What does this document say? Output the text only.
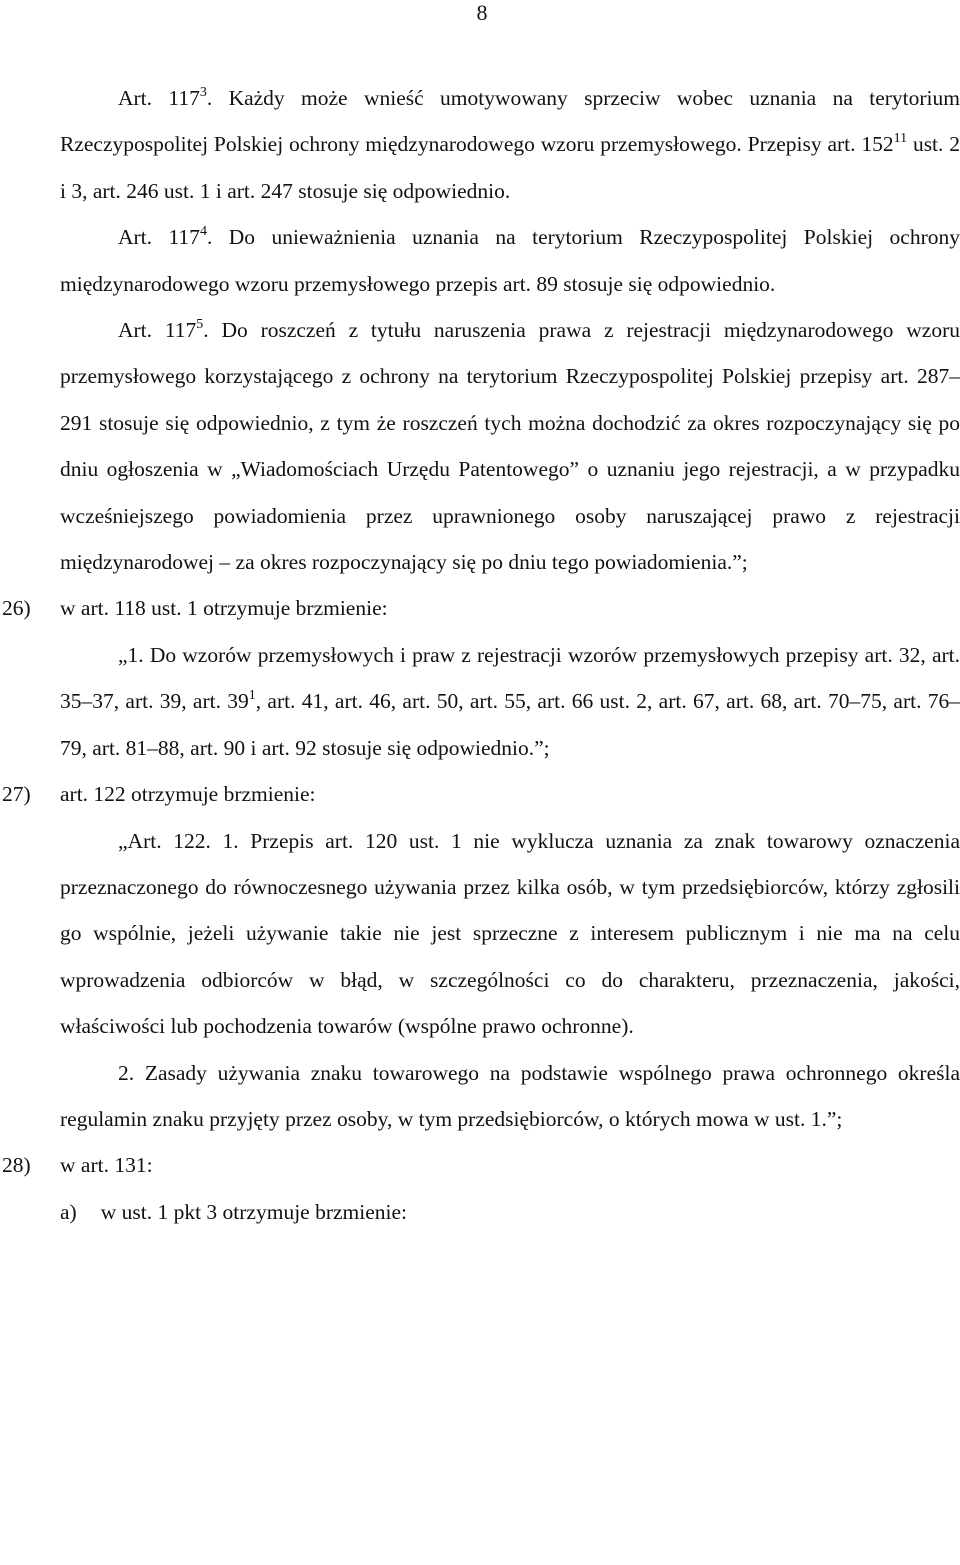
8

Art. $117^3$. Każdy może wnieść umotywowany sprzeciw wobec uznania na terytorium Rzeczypospolitej Polskiej ochrony międzynarodowego wzoru przemysłowego. Przepisy art. $152^{11}$ ust. 2 i 3, art. 246 ust. 1 i art. 247 stosuje się odpowiednio.

Art. $117^4$. Do unieważnienia uznania na terytorium Rzeczypospolitej Polskiej ochrony międzynarodowego wzoru przemysłowego przepis art. 89 stosuje się odpowiednio.

Art. $117^5$. Do roszczeń z tytułu naruszenia prawa z rejestracji międzynarodowego wzoru przemysłowego korzystającego z ochrony na terytorium Rzeczypospolitej Polskiej przepisy art. 287–291 stosuje się odpowiednio, z tym że roszczeń tych można dochodzić za okres rozpoczynający się po dniu ogłoszenia w „Wiadomościach Urzędu Patentowego” o uznaniu jego rejestracji, a w przypadku wcześniejszego powiadomienia przez uprawnionego osoby naruszającej prawo z rejestracji międzynarodowej – za okres rozpoczynający się po dniu tego powiadomienia.”;

26) w art. 118 ust. 1 otrzymuje brzmienie:

„1. Do wzorów przemysłowych i praw z rejestracji wzorów przemysłowych przepisy art. 32, art. 35–37, art. 39, art. $39^1$, art. 41, art. 46, art. 50, art. 55, art. 66 ust. 2, art. 67, art. 68, art. 70–75, art. 76–79, art. 81–88, art. 90 i art. 92 stosuje się odpowiednio.”;

27) art. 122 otrzymuje brzmienie:

„Art. 122. 1. Przepis art. 120 ust. 1 nie wyklucza uznania za znak towarowy oznaczenia przeznaczonego do równoczesnego używania przez kilka osób, w tym przedsiębiorców, którzy zgłosili go wspólnie, jeżeli używanie takie nie jest sprzeczne z interesem publicznym i nie ma na celu wprowadzenia odbiorców w błąd, w szczególności co do charakteru, przeznaczenia, jakości, właściwości lub pochodzenia towarów (wspólne prawo ochronne).

2. Zasady używania znaku towarowego na podstawie wspólnego prawa ochronnego określa regulamin znaku przyjęty przez osoby, w tym przedsiębiorców, o których mowa w ust. 1.”;

28) w art. 131:

a) w ust. 1 pkt 3 otrzymuje brzmienie:
